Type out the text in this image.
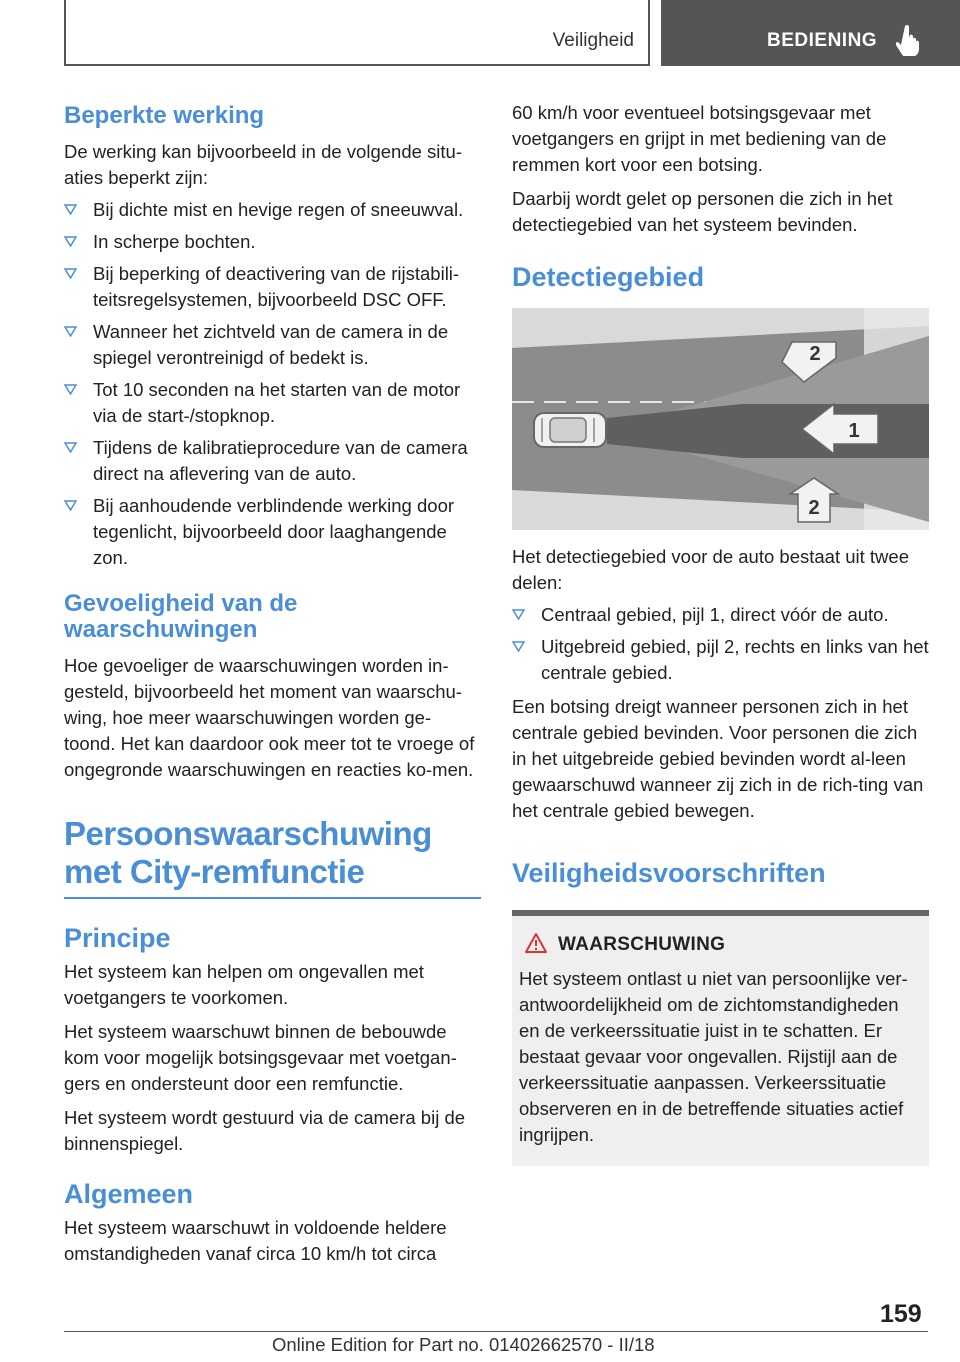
Veiligheid	BEDIENING
Beperkte werking

De werking kan bijvoorbeeld in de volgende situ-aties beperkt zijn:

Bij dichte mist en hevige regen of sneeuwval.
In scherpe bochten.
Bij beperking of deactivering van de rijstabili-teitsregelsystemen, bijvoorbeeld DSC OFF.
Wanneer het zichtveld van de camera in de spiegel verontreinigd of bedekt is.
Tot 10 seconden na het starten van de motor via de start-/stopknop.
Tijdens de kalibratieprocedure van de camera direct na aflevering van de auto.
Bij aanhoudende verblindende werking door tegenlicht, bijvoorbeeld door laaghangende zon.
Gevoeligheid van de waarschuwingen

Hoe gevoeliger de waarschuwingen worden in-gesteld, bijvoorbeeld het moment van waarschu-wing, hoe meer waarschuwingen worden ge-toond. Het kan daardoor ook meer tot te vroege of ongegronde waarschuwingen en reacties ko-men.

Persoonswaarschuwing
met City-remfunctie
Principe

Het systeem kan helpen om ongevallen met voetgangers te voorkomen.

Het systeem waarschuwt binnen de bebouwde kom voor mogelijk botsingsgevaar met voetgan-gers en ondersteunt door een remfunctie.

Het systeem wordt gestuurd via de camera bij de binnenspiegel.

Algemeen

Het systeem waarschuwt in voldoende heldere omstandigheden vanaf circa 10 km/h tot circa

60 km/h voor eventueel botsingsgevaar met voetgangers en grijpt in met bediening van de remmen kort voor een botsing.

Daarbij wordt gelet op personen die zich in het detectiegebied van het systeem bevinden.

Detectiegebied
2
1
2

Het detectiegebied voor de auto bestaat uit twee delen:

Centraal gebied, pijl 1, direct vóór de auto.
Uitgebreid gebied, pijl 2, rechts en links van het centrale gebied.

Een botsing dreigt wanneer personen zich in het centrale gebied bevinden. Voor personen die zich in het uitgebreide gebied bevinden wordt al-leen gewaarschuwd wanneer zij zich in de rich-ting van het centrale gebied bewegen.

Veiligheidsvoorschriften
WAARSCHUWING

Het systeem ontlast u niet van persoonlijke ver-antwoordelijkheid om de zichtomstandigheden en de verkeerssituatie juist in te schatten. Er bestaat gevaar voor ongevallen. Rijstijl aan de verkeerssituatie aanpassen. Verkeerssituatie observeren en in de betreffende situaties actief ingrijpen.

159
Online Edition for Part no. 01402662570 - II/18
